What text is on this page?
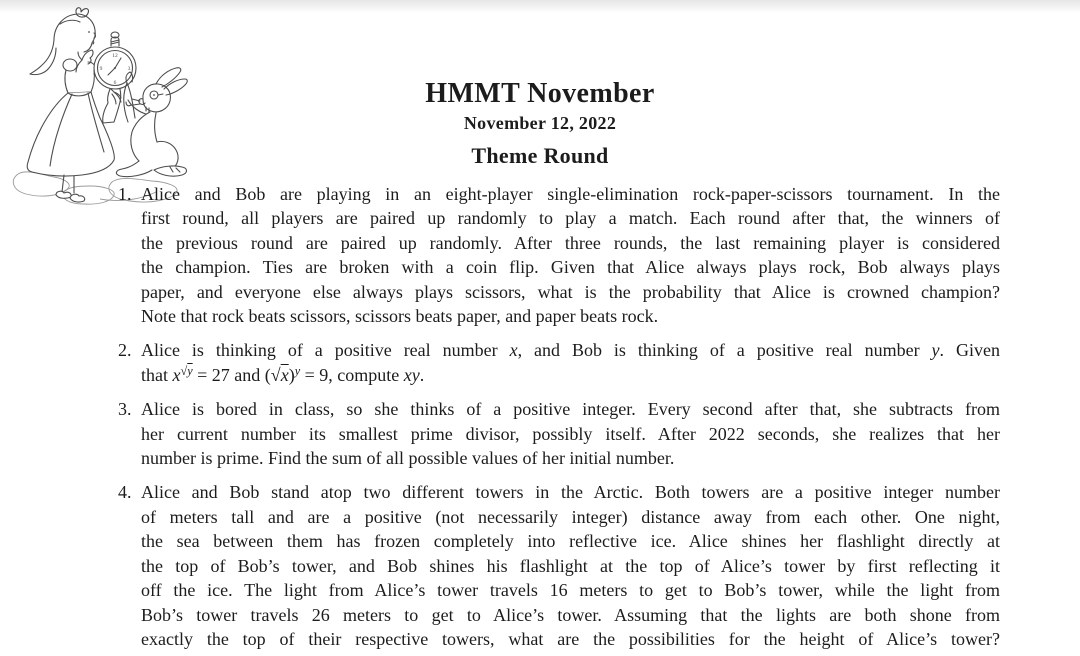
12
3
6
9
HMMT November
November 12, 2022
Theme Round
1. Alice and Bob are playing in an eight-player single-elimination rock-paper-scissors tournament. In the
first round, all players are paired up randomly to play a match. Each round after that, the winners of
the previous round are paired up randomly. After three rounds, the last remaining player is considered
the champion. Ties are broken with a coin flip. Given that Alice always plays rock, Bob always plays
paper, and everyone else always plays scissors, what is the probability that Alice is crowned champion?
Note that rock beats scissors, scissors beats paper, and paper beats rock.
2. Alice is thinking of a positive real number x, and Bob is thinking of a positive real number y. Given
that $x^{√y} = 27$ and $(√x)^y = 9$, compute xy.
3. Alice is bored in class, so she thinks of a positive integer. Every second after that, she subtracts from
her current number its smallest prime divisor, possibly itself. After 2022 seconds, she realizes that her
number is prime. Find the sum of all possible values of her initial number.
4. Alice and Bob stand atop two different towers in the Arctic. Both towers are a positive integer number
of meters tall and are a positive (not necessarily integer) distance away from each other. One night,
the sea between them has frozen completely into reflective ice. Alice shines her flashlight directly at
the top of Bob’s tower, and Bob shines his flashlight at the top of Alice’s tower by first reflecting it
off the ice. The light from Alice’s tower travels 16 meters to get to Bob’s tower, while the light from
Bob’s tower travels 26 meters to get to Alice’s tower. Assuming that the lights are both shone from
exactly the top of their respective towers, what are the possibilities for the height of Alice’s tower?
